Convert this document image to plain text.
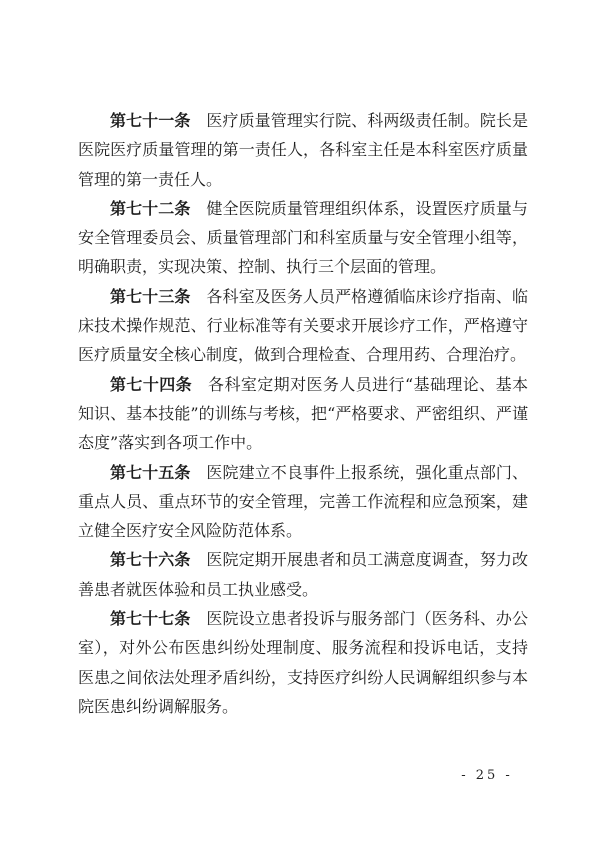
第七十一条 医疗质量管理实行院、科两级责任制。院长是医院医疗质量管理的第一责任人，各科室主任是本科室医疗质量管理的第一责任人。

第七十二条 健全医院质量管理组织体系，设置医疗质量与安全管理委员会、质量管理部门和科室质量与安全管理小组等，明确职责，实现决策、控制、执行三个层面的管理。

第七十三条 各科室及医务人员严格遵循临床诊疗指南、临床技术操作规范、行业标准等有关要求开展诊疗工作，严格遵守医疗质量安全核心制度，做到合理检查、合理用药、合理治疗。

第七十四条 各科室定期对医务人员进行“基础理论、基本知识、基本技能”的训练与考核，把“严格要求、严密组织、严谨态度”落实到各项工作中。

第七十五条 医院建立不良事件上报系统，强化重点部门、重点人员、重点环节的安全管理，完善工作流程和应急预案，建立健全医疗安全风险防范体系。

第七十六条 医院定期开展患者和员工满意度调查，努力改善患者就医体验和员工执业感受。

第七十七条 医院设立患者投诉与服务部门（医务科、办公室），对外公布医患纠纷处理制度、服务流程和投诉电话，支持医患之间依法处理矛盾纠纷，支持医疗纠纷人民调解组织参与本院医患纠纷调解服务。

- 25 -
